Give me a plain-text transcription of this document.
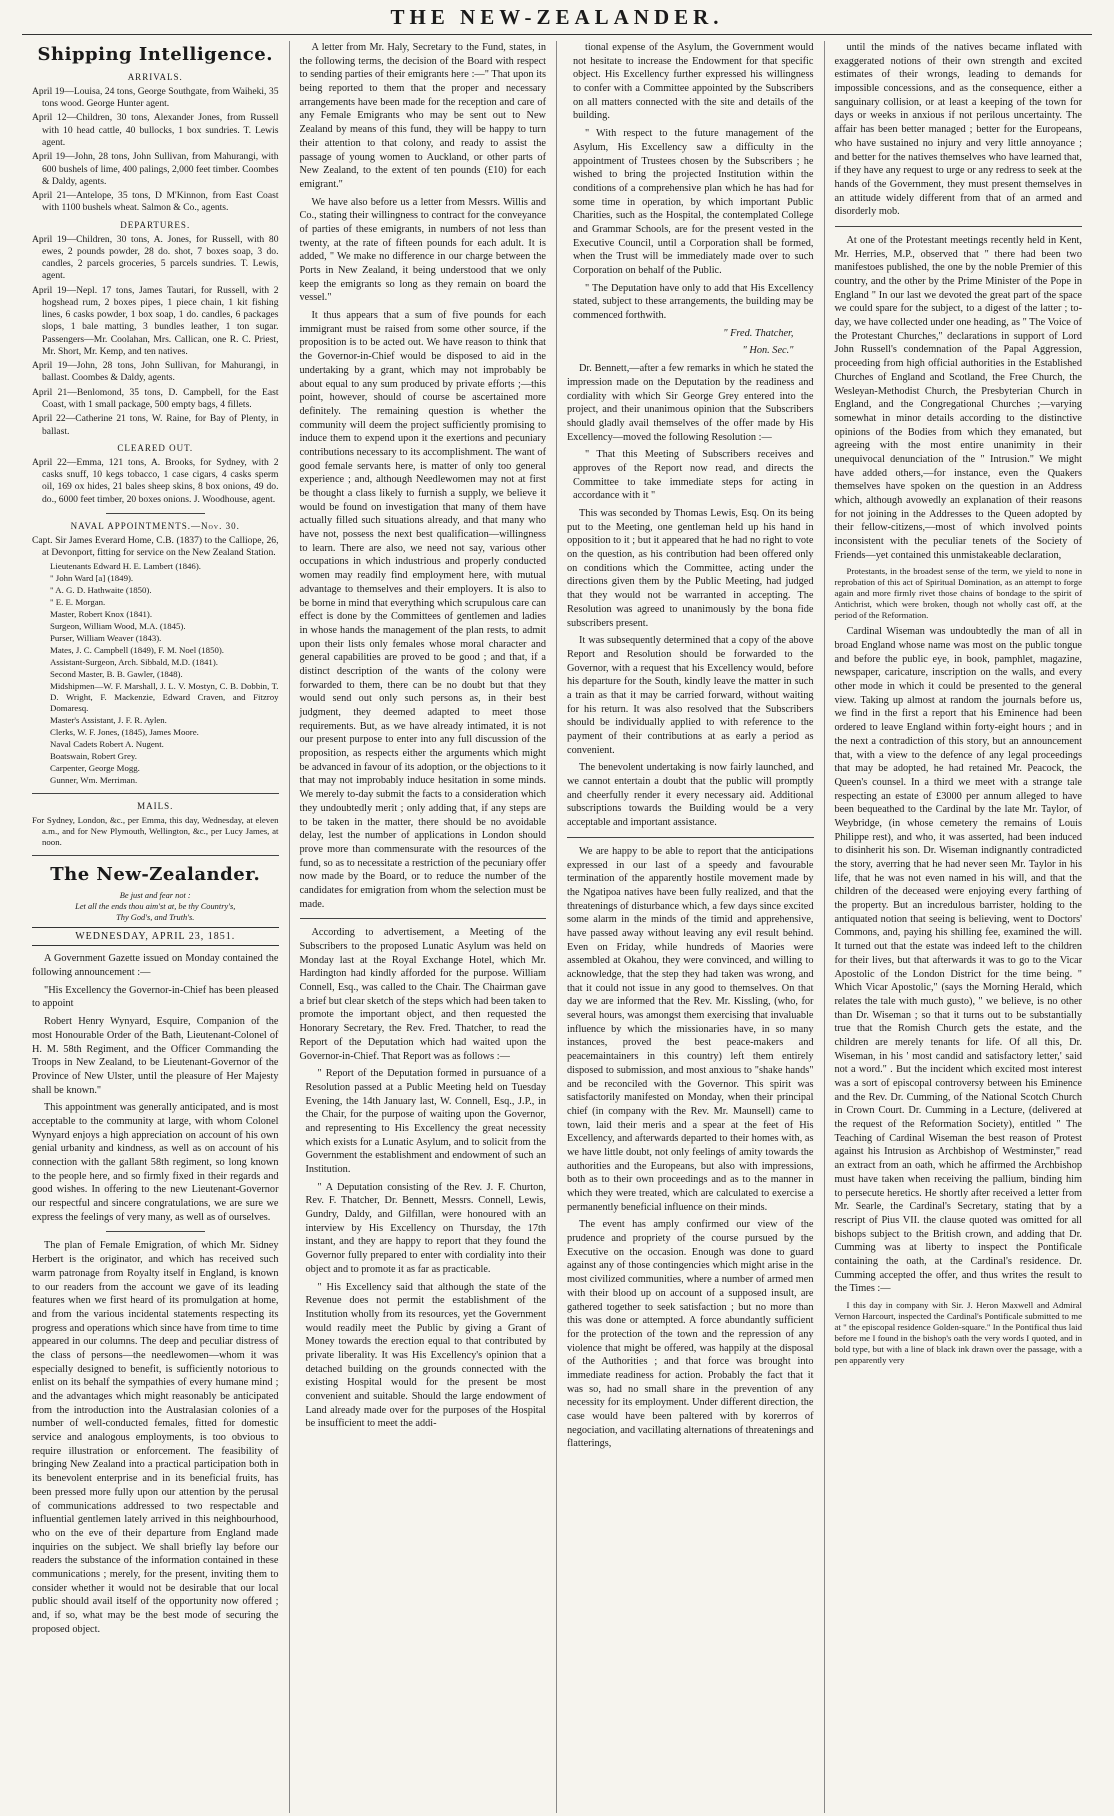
THE NEW-ZEALANDER.
Shipping Intelligence.
ARRIVALS.

April 19—Louisa, 24 tons, George Southgate, from Waiheki, 35 tons wood. George Hunter agent.

April 12—Children, 30 tons, Alexander Jones, from Russell with 10 head cattle, 40 bullocks, 1 box sundries. T. Lewis agent.

April 19—John, 28 tons, John Sullivan, from Mahurangi, with 600 bushels of lime, 400 palings, 2,000 feet timber. Coombes & Daldy, agents.

April 21—Antelope, 35 tons, D M'Kinnon, from East Coast with 1100 bushels wheat. Salmon & Co., agents.

DEPARTURES.

April 19—Children, 30 tons, A. Jones, for Russell, with 80 ewes, 2 pounds powder, 28 do. shot, 7 boxes soap, 3 do. candles, 2 parcels groceries, 5 parcels sundries. T. Lewis, agent.

April 19—Nepl. 17 tons, James Tautari, for Russell, with 2 hogshead rum, 2 boxes pipes, 1 piece chain, 1 kit fishing lines, 6 casks powder, 1 box soap, 1 do. candles, 6 packages slops, 1 bale matting, 3 bundles leather, 1 ton sugar. Passengers—Mr. Coolahan, Mrs. Callican, one R. C. Priest, Mr. Short, Mr. Kemp, and ten natives.

April 19—John, 28 tons, John Sullivan, for Mahurangi, in ballast. Coombes & Daldy, agents.

April 21—Benlomond, 35 tons, D. Campbell, for the East Coast, with 1 small package, 500 empty bags, 4 fillets.

April 22—Catherine 21 tons, W. Raine, for Bay of Plenty, in ballast.

CLEARED OUT.

April 22—Emma, 121 tons, A. Brooks, for Sydney, with 2 casks snuff, 10 kegs tobacco, 1 case cigars, 4 casks sperm oil, 169 ox hides, 21 bales sheep skins, 8 box onions, 49 do. do., 6000 feet timber, 20 boxes onions. J. Woodhouse, agent.

NAVAL APPOINTMENTS.—Nov. 30.

Capt. Sir James Everard Home, C.B. (1837) to the Calliope, 26, at Devonport, fitting for service on the New Zealand Station.

Lieutenants Edward H. E. Lambert (1846).

" John Ward [a] (1849).

" A. G. D. Hathwaite (1850).

" E. E. Morgan.

Master, Robert Knox (1841).

Surgeon, William Wood, M.A. (1845).

Purser, William Weaver (1843).

Mates, J. C. Campbell (1849), F. M. Noel (1850).

Assistant-Surgeon, Arch. Sibbald, M.D. (1841).

Second Master, B. B. Gawler, (1848).

Midshipmen—W. F. Marshall, J. L. V. Mostyn, C. B. Dobbin, T. D. Wright, F. Mackenzie, Edward Craven, and Fitzroy Domaresq.

Master's Assistant, J. F. R. Aylen.

Clerks, W. F. Jones, (1845), James Moore.

Naval Cadets Robert A. Nugent.

Boatswain, Robert Grey.

Carpenter, George Mogg.

Gunner, Wm. Merriman.

MAILS.

For Sydney, London, &c., per Emma, this day, Wednesday, at eleven a.m., and for New Plymouth, Wellington, &c., per Lucy James, at noon.

The New-Zealander.

Be just and fear not :

Let all the ends thou aim'st at, be thy Country's,

Thy God's, and Truth's.

WEDNESDAY, APRIL 23, 1851.

A Government Gazette issued on Monday contained the following announcement :—

"His Excellency the Governor-in-Chief has been pleased to appoint

Robert Henry Wynyard, Esquire, Companion of the most Honourable Order of the Bath, Lieutenant-Colonel of H. M. 58th Regiment, and the Officer Commanding the Troops in New Zealand, to be Lieutenant-Governor of the Province of New Ulster, until the pleasure of Her Majesty shall be known."

This appointment was generally anticipated, and is most acceptable to the community at large, with whom Colonel Wynyard enjoys a high appreciation on account of his own genial urbanity and kindness, as well as on account of his connection with the gallant 58th regiment, so long known to the people here, and so firmly fixed in their regards and good wishes. In offering to the new Lieutenant-Governor our respectful and sincere congratulations, we are sure we express the feelings of very many, as well as of ourselves.

The plan of Female Emigration, of which Mr. Sidney Herbert is the originator, and which has received such warm patronage from Royalty itself in England, is known to our readers from the account we gave of its leading features when we first heard of its promulgation at home, and from the various incidental statements respecting its progress and operations which since have from time to time appeared in our columns. The deep and peculiar distress of the class of persons—the needlewomen—whom it was especially designed to benefit, is sufficiently notorious to enlist on its behalf the sympathies of every humane mind ; and the advantages which might reasonably be anticipated from the introduction into the Australasian colonies of a number of well-conducted females, fitted for domestic service and analogous employments, is too obvious to require illustration or enforcement. The feasibility of bringing New Zealand into a practical participation both in its benevolent enterprise and in its beneficial fruits, has been pressed more fully upon our attention by the perusal of communications addressed to two respectable and influential gentlemen lately arrived in this neighbourhood, who on the eve of their departure from England made inquiries on the subject. We shall briefly lay before our readers the substance of the information contained in these communications ; merely, for the present, inviting them to consider whether it would not be desirable that our local public should avail itself of the opportunity now offered ; and, if so, what may be the best mode of securing the proposed object.

A letter from Mr. Haly, Secretary to the Fund, states, in the following terms, the decision of the Board with respect to sending parties of their emigrants here :—" That upon its being reported to them that the proper and necessary arrangements have been made for the reception and care of any Female Emigrants who may be sent out to New Zealand by means of this fund, they will be happy to turn their attention to that colony, and ready to assist the passage of young women to Auckland, or other parts of New Zealand, to the extent of ten pounds (£10) for each emigrant."

We have also before us a letter from Messrs. Willis and Co., stating their willingness to contract for the conveyance of parties of these emigrants, in numbers of not less than twenty, at the rate of fifteen pounds for each adult. It is added, " We make no difference in our charge between the Ports in New Zealand, it being understood that we only keep the emigrants so long as they remain on board the vessel."

It thus appears that a sum of five pounds for each immigrant must be raised from some other source, if the proposition is to be acted out. We have reason to think that the Governor-in-Chief would be disposed to aid in the undertaking by a grant, which may not improbably be about equal to any sum produced by private efforts ;—this point, however, should of course be ascertained more definitely. The remaining question is whether the community will deem the project sufficiently promising to induce them to expend upon it the exertions and pecuniary contributions necessary to its accomplishment. The want of good female servants here, is matter of only too general experience ; and, although Needlewomen may not at first be thought a class likely to furnish a supply, we believe it would be found on investigation that many of them have actually filled such situations already, and that many who have not, possess the next best qualification—willingness to learn. There are also, we need not say, various other occupations in which industrious and properly conducted women may readily find employment here, with mutual advantage to themselves and their employers. It is also to be borne in mind that everything which scrupulous care can effect is done by the Committees of gentlemen and ladies in whose hands the management of the plan rests, to admit upon their lists only females whose moral character and general capabilities are proved to be good ; and that, if a distinct description of the wants of the colony were forwarded to them, there can be no doubt but that they would send out only such persons as, in their best judgment, they deemed adapted to meet those requirements. But, as we have already intimated, it is not our present purpose to enter into any full discussion of the proposition, as respects either the arguments which might be advanced in favour of its adoption, or the objections to it that may not improbably induce hesitation in some minds. We merely to-day submit the facts to a consideration which they undoubtedly merit ; only adding that, if any steps are to be taken in the matter, there should be no avoidable delay, lest the number of applications in London should prove more than commensurate with the resources of the fund, so as to necessitate a restriction of the pecuniary offer now made by the Board, or to reduce the number of the candidates for emigration from whom the selection must be made.

According to advertisement, a Meeting of the Subscribers to the proposed Lunatic Asylum was held on Monday last at the Royal Exchange Hotel, which Mr. Hardington had kindly afforded for the purpose. William Connell, Esq., was called to the Chair. The Chairman gave a brief but clear sketch of the steps which had been taken to promote the important object, and then requested the Honorary Secretary, the Rev. Fred. Thatcher, to read the Report of the Deputation which had waited upon the Governor-in-Chief. That Report was as follows :—

" Report of the Deputation formed in pursuance of a Resolution passed at a Public Meeting held on Tuesday Evening, the 14th January last, W. Connell, Esq., J.P., in the Chair, for the purpose of waiting upon the Governor, and representing to His Excellency the great necessity which exists for a Lunatic Asylum, and to solicit from the Government the establishment and endowment of such an Institution.

" A Deputation consisting of the Rev. J. F. Churton, Rev. F. Thatcher, Dr. Bennett, Messrs. Connell, Lewis, Gundry, Daldy, and Gilfillan, were honoured with an interview by His Excellency on Thursday, the 17th instant, and they are happy to report that they found the Governor fully prepared to enter with cordiality into their object and to promote it as far as practicable.

" His Excellency said that although the state of the Revenue does not permit the establishment of the Institution wholly from its resources, yet the Government would readily meet the Public by giving a Grant of Money towards the erection equal to that contributed by private liberality. It was His Excellency's opinion that a detached building on the grounds connected with the existing Hospital would for the present be most convenient and suitable. Should the large endowment of Land already made over for the purposes of the Hospital be insufficient to meet the addi-

tional expense of the Asylum, the Government would not hesitate to increase the Endowment for that specific object. His Excellency further expressed his willingness to confer with a Committee appointed by the Subscribers on all matters connected with the site and details of the building.

" With respect to the future management of the Asylum, His Excellency saw a difficulty in the appointment of Trustees chosen by the Subscribers ; he wished to bring the projected Institution within the conditions of a comprehensive plan which he has had for some time in operation, by which important Public Charities, such as the Hospital, the contemplated College and Grammar Schools, are for the present vested in the Executive Council, until a Corporation shall be formed, when the Trust will be immediately made over to such Corporation on behalf of the Public.

" The Deputation have only to add that His Excellency stated, subject to these arrangements, the building may be commenced forthwith.

" Fred. Thatcher,

" Hon. Sec."

Dr. Bennett,—after a few remarks in which he stated the impression made on the Deputation by the readiness and cordiality with which Sir George Grey entered into the project, and their unanimous opinion that the Subscribers should gladly avail themselves of the offer made by His Excellency—moved the following Resolution :—

" That this Meeting of Subscribers receives and approves of the Report now read, and directs the Committee to take immediate steps for acting in accordance with it "

This was seconded by Thomas Lewis, Esq. On its being put to the Meeting, one gentleman held up his hand in opposition to it ; but it appeared that he had no right to vote on the question, as his contribution had been offered only on conditions which the Committee, acting under the directions given them by the Public Meeting, had judged that they would not be warranted in accepting. The Resolution was agreed to unanimously by the bona fide subscribers present.

It was subsequently determined that a copy of the above Report and Resolution should be forwarded to the Governor, with a request that his Excellency would, before his departure for the South, kindly leave the matter in such a train as that it may be carried forward, without waiting for his return. It was also resolved that the Subscribers should be individually applied to with reference to the payment of their contributions at as early a period as convenient.

The benevolent undertaking is now fairly launched, and we cannot entertain a doubt that the public will promptly and cheerfully render it every necessary aid. Additional subscriptions towards the Building would be a very acceptable and important assistance.

We are happy to be able to report that the anticipations expressed in our last of a speedy and favourable termination of the apparently hostile movement made by the Ngatipoa natives have been fully realized, and that the threatenings of disturbance which, a few days since excited some alarm in the minds of the timid and apprehensive, have passed away without leaving any evil result behind. Even on Friday, while hundreds of Maories were assembled at Okahou, they were convinced, and willing to acknowledge, that the step they had taken was wrong, and that it could not issue in any good to themselves. On that day we are informed that the Rev. Mr. Kissling, (who, for several hours, was amongst them exercising that invaluable influence by which the missionaries have, in so many instances, proved the best peace-makers and peacemaintainers in this country) left them entirely disposed to submission, and most anxious to "shake hands" and be reconciled with the Governor. This spirit was satisfactorily manifested on Monday, when their principal chief (in company with the Rev. Mr. Maunsell) came to town, laid their meris and a spear at the feet of His Excellency, and afterwards departed to their homes with, as we have little doubt, not only feelings of amity towards the authorities and the Europeans, but also with impressions, both as to their own proceedings and as to the manner in which they were treated, which are calculated to exercise a permanently beneficial influence on their minds.

The event has amply confirmed our view of the prudence and propriety of the course pursued by the Executive on the occasion. Enough was done to guard against any of those contingencies which might arise in the most civilized communities, where a number of armed men with their blood up on account of a supposed insult, are gathered together to seek satisfaction ; but no more than this was done or attempted. A force abundantly sufficient for the protection of the town and the repression of any violence that might be offered, was happily at the disposal of the Authorities ; and that force was brought into immediate readiness for action. Probably the fact that it was so, had no small share in the prevention of any necessity for its employment. Under different direction, the case would have been paltered with by korerros of negociation, and vacillating alternations of threatenings and flatterings,

until the minds of the natives became inflated with exaggerated notions of their own strength and excited estimates of their wrongs, leading to demands for impossible concessions, and as the consequence, either a sanguinary collision, or at least a keeping of the town for days or weeks in anxious if not perilous uncertainty. The affair has been better managed ; better for the Europeans, who have sustained no injury and very little annoyance ; and better for the natives themselves who have learned that, if they have any request to urge or any redress to seek at the hands of the Government, they must present themselves in an attitude widely different from that of an armed and disorderly mob.

At one of the Protestant meetings recently held in Kent, Mr. Herries, M.P., observed that " there had been two manifestoes published, the one by the noble Premier of this country, and the other by the Prime Minister of the Pope in England " In our last we devoted the great part of the space we could spare for the subject, to a digest of the latter ; to-day, we have collected under one heading, as " The Voice of the Protestant Churches," declarations in support of Lord John Russell's condemnation of the Papal Aggression, proceeding from high official authorities in the Established Churches of England and Scotland, the Free Church, the Wesleyan-Methodist Church, the Presbyterian Church in England, and the Congregational Churches ;—varying somewhat in minor details according to the distinctive opinions of the Bodies from which they emanated, but agreeing with the most entire unanimity in their unequivocal denunciation of the " Intrusion." We might have added others,—for instance, even the Quakers themselves have spoken on the question in an Address which, although avowedly an explanation of their reasons for not joining in the Addresses to the Queen adopted by their fellow-citizens,—most of which involved points inconsistent with the peculiar tenets of the Society of Friends—yet contained this unmistakeable declaration,

Protestants, in the broadest sense of the term, we yield to none in reprobation of this act of Spiritual Domination, as an attempt to forge again and more firmly rivet those chains of bondage to the spirit of Antichrist, which were broken, though not wholly cast off, at the period of the Reformation.

Cardinal Wiseman was undoubtedly the man of all in broad England whose name was most on the public tongue and before the public eye, in book, pamphlet, magazine, newspaper, caricature, inscription on the walls, and every other mode in which it could be presented to the general view. Taking up almost at random the journals before us, we find in the first a report that his Eminence had been ordered to leave England within forty-eight hours ; and in the next a contradiction of this story, but an announcement that, with a view to the defence of any legal proceedings that may be adopted, he had retained Mr. Peacock, the Queen's counsel. In a third we meet with a strange tale respecting an estate of £3000 per annum alleged to have been bequeathed to the Cardinal by the late Mr. Taylor, of Weybridge, (in whose cemetery the remains of Louis Philippe rest), and who, it was asserted, had been induced to disinherit his son. Dr. Wiseman indignantly contradicted the story, averring that he had never seen Mr. Taylor in his life, that he was not even named in his will, and that the children of the deceased were enjoying every farthing of the property. But an incredulous barrister, holding to the antiquated notion that seeing is believing, went to Doctors' Commons, and, paying his shilling fee, examined the will. It turned out that the estate was indeed left to the children for their lives, but that afterwards it was to go to the Vicar Apostolic of the London District for the time being. " Which Vicar Apostolic," (says the Morning Herald, which relates the tale with much gusto), " we believe, is no other than Dr. Wiseman ; so that it turns out to be substantially true that the Romish Church gets the estate, and the children are merely tenants for life. Of all this, Dr. Wiseman, in his ' most candid and satisfactory letter,' said not a word." . But the incident which excited most interest was a sort of episcopal controversy between his Eminence and the Rev. Dr. Cumming, of the National Scotch Church in Crown Court. Dr. Cumming in a Lecture, (delivered at the request of the Reformation Society), entitled " The Teaching of Cardinal Wiseman the best reason of Protest against his Intrusion as Archbishop of Westminster," read an extract from an oath, which he affirmed the Archbishop must have taken when receiving the pallium, binding him to persecute heretics. He shortly after received a letter from Mr. Searle, the Cardinal's Secretary, stating that by a rescript of Pius VII. the clause quoted was omitted for all bishops subject to the British crown, and adding that Dr. Cumming was at liberty to inspect the Pontificale containing the oath, at the Cardinal's residence. Dr. Cumming accepted the offer, and thus writes the result to the Times :—

I this day in company with Sir. J. Heron Maxwell and Admiral Vernon Harcourt, inspected the Cardinal's Pontificale submitted to me at " the episcopal residence Golden-square." In the Pontifical thus laid before me I found in the bishop's oath the very words I quoted, and in bold type, but with a line of black ink drawn over the passage, with a pen apparently very
